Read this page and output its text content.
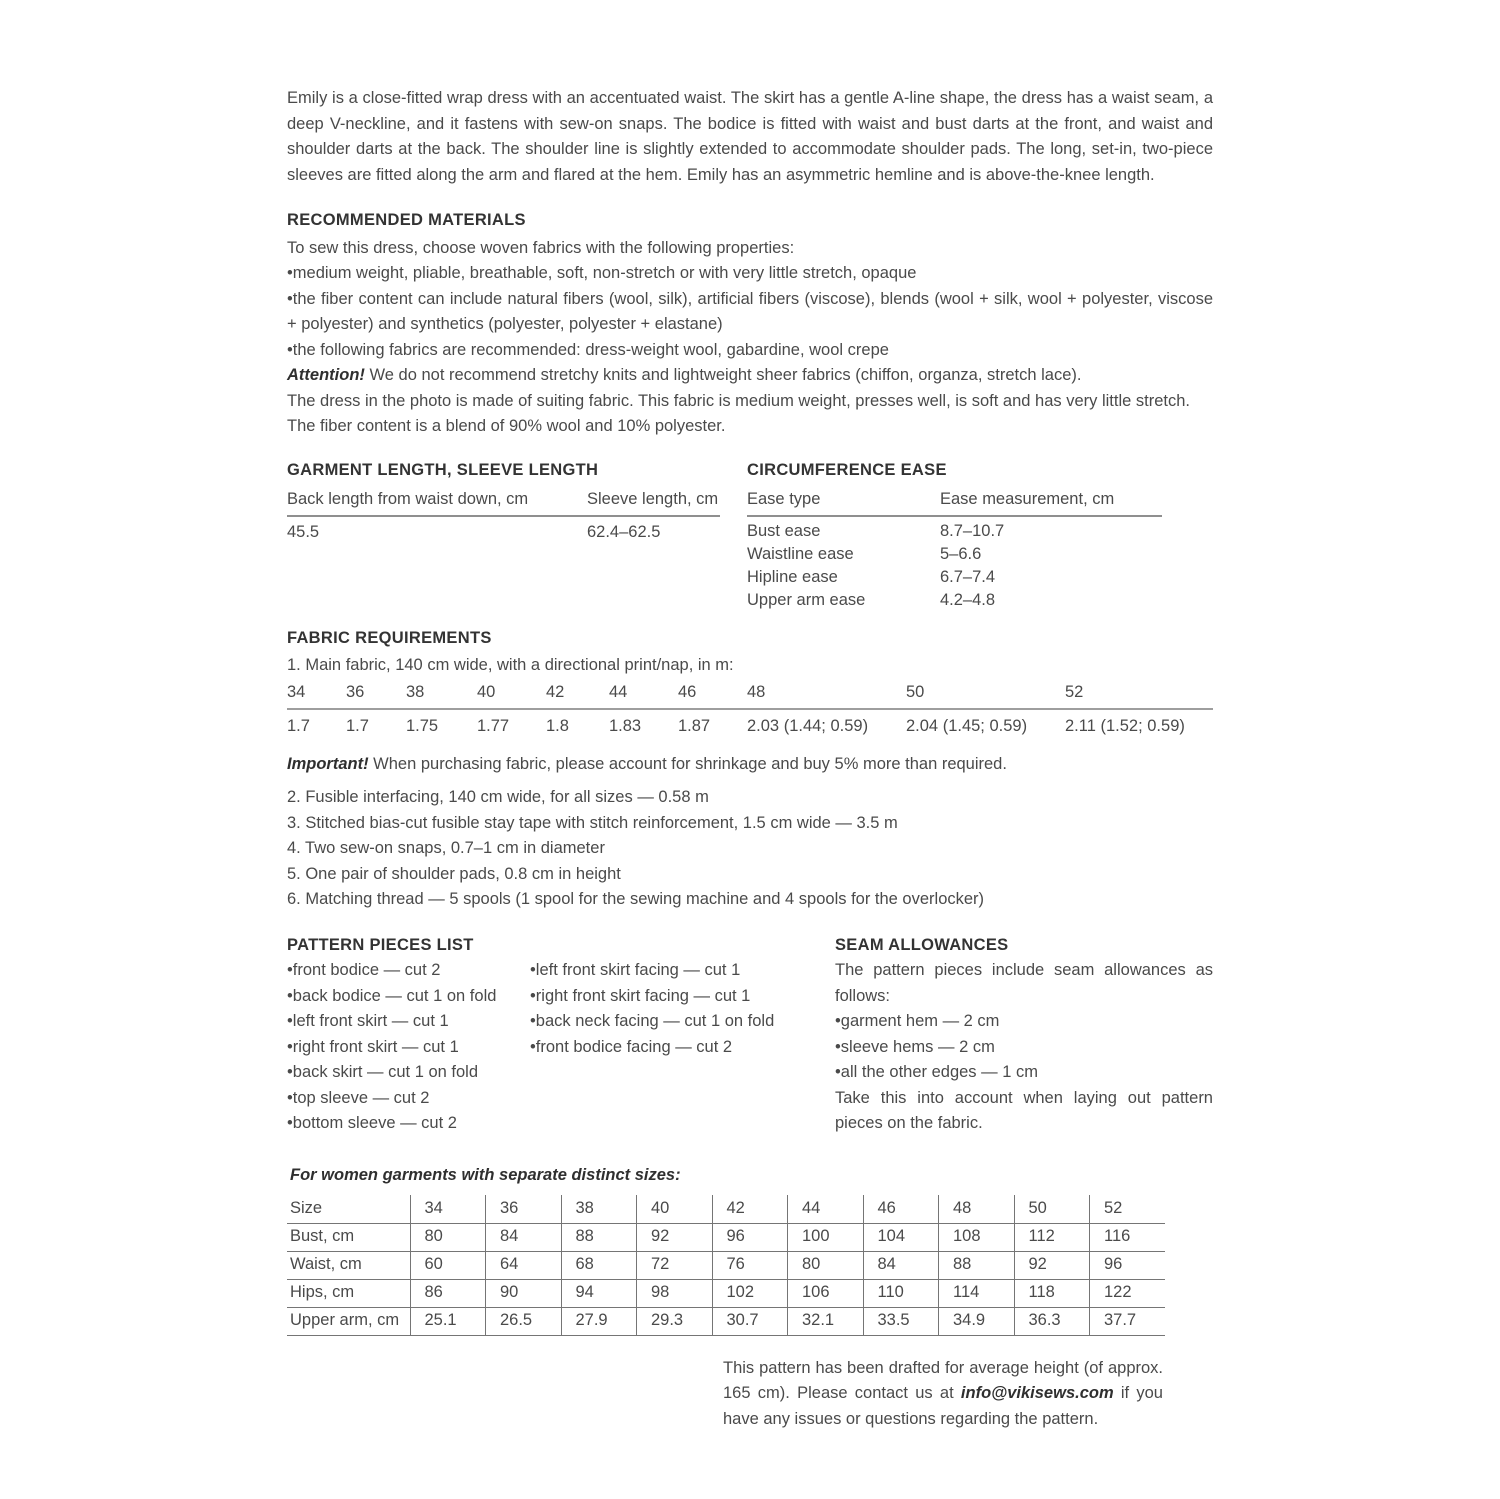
Emily is a close-fitted wrap dress with an accentuated waist. The skirt has a gentle A-line shape, the dress has a waist seam, a deep V-neckline, and it fastens with sew-on snaps. The bodice is fitted with waist and bust darts at the front, and waist and shoulder darts at the back. The shoulder line is slightly extended to accommodate shoulder pads. The long, set-in, two-piece sleeves are fitted along the arm and flared at the hem. Emily has an asymmetric hemline and is above-the-knee length.

RECOMMENDED MATERIALS
To sew this dress, choose woven fabrics with the following properties:
• medium weight, pliable, breathable, soft, non-stretch or with very little stretch, opaque
• the fiber content can include natural fibers (wool, silk), artificial fibers (viscose), blends (wool + silk, wool + polyester, viscose + polyester) and synthetics (polyester, polyester + elastane)
• the following fabrics are recommended: dress-weight wool, gabardine, wool crepe
Attention! We do not recommend stretchy knits and lightweight sheer fabrics (chiffon, organza, stretch lace).
The dress in the photo is made of suiting fabric. This fabric is medium weight, presses well, is soft and has very little stretch.
The fiber content is a blend of 90% wool and 10% polyester.
GARMENT LENGTH, SLEEVE LENGTH
Back length from waist down, cm	Sleeve length, cm
45.5	62.4–62.5
CIRCUMFERENCE EASE
Ease type	Ease measurement, cm
Bust ease	8.7–10.7
Waistline ease	5–6.6
Hipline ease	6.7–7.4
Upper arm ease	4.2–4.8
FABRIC REQUIREMENTS
1. Main fabric, 140 cm wide, with a directional print/nap, in m:
34	36	38	40	42	44	46	48	50	52
1.7	1.7	1.75	1.77	1.8	1.83	1.87	2.03 (1.44; 0.59)	2.04 (1.45; 0.59)	2.11 (1.52; 0.59)
Important! When purchasing fabric, please account for shrinkage and buy 5% more than required.
2. Fusible interfacing, 140 cm wide, for all sizes — 0.58 m
3. Stitched bias-cut fusible stay tape with stitch reinforcement, 1.5 cm wide — 3.5 m
4. Two sew-on snaps, 0.7–1 cm in diameter
5. One pair of shoulder pads, 0.8 cm in height
6. Matching thread — 5 spools (1 spool for the sewing machine and 4 spools for the overlocker)
PATTERN PIECES LIST
• front bodice — cut 2
• back bodice — cut 1 on fold
• left front skirt — cut 1
• right front skirt — cut 1
• back skirt — cut 1 on fold
• top sleeve — cut 2
• bottom sleeve — cut 2
• left front skirt facing — cut 1
• right front skirt facing — cut 1
• back neck facing — cut 1 on fold
• front bodice facing — cut 2
SEAM ALLOWANCES
The pattern pieces include seam allowances as follows:
• garment hem — 2 cm
• sleeve hems — 2 cm
• all the other edges — 1 cm
Take this into account when laying out pattern pieces on the fabric.
For women garments with separate distinct sizes:
Size	34	36	38	40	42	44	46	48	50	52
Bust, cm	80	84	88	92	96	100	104	108	112	116
Waist, cm	60	64	68	72	76	80	84	88	92	96
Hips, cm	86	90	94	98	102	106	110	114	118	122
Upper arm, cm	25.1	26.5	27.9	29.3	30.7	32.1	33.5	34.9	36.3	37.7
This pattern has been drafted for average height (of approx. 165 cm). Please contact us at info@vikisews.com if you have any issues or questions regarding the pattern.
